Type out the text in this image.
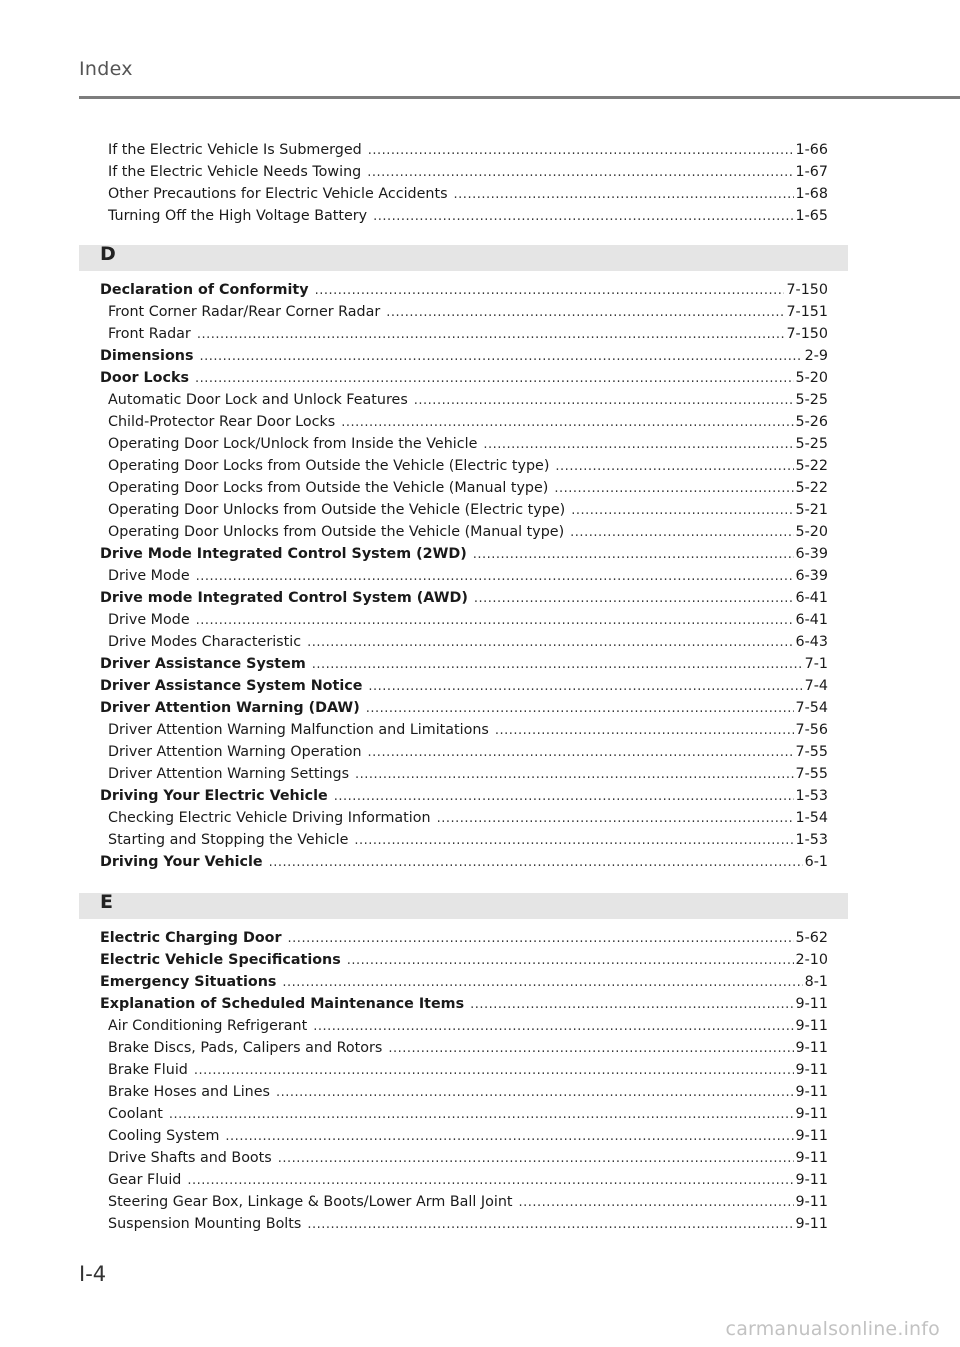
Index
If the Electric Vehicle Is Submerged .....	1-66
If the Electric Vehicle Needs Towing .....	1-67
Other Precautions for Electric Vehicle Accidents .....	1-68
Turning Off the High Voltage Battery .....	1-65
D
Declaration of Conformity .....	7-150
Front Corner Radar/Rear Corner Radar .....	7-151
Front Radar .....	7-150
Dimensions .....	2-9
Door Locks .....	5-20
Automatic Door Lock and Unlock Features .....	5-25
Child-Protector Rear Door Locks .....	5-26
Operating Door Lock/Unlock from Inside the Vehicle .....	5-25
Operating Door Locks from Outside the Vehicle (Electric type) .....	5-22
Operating Door Locks from Outside the Vehicle (Manual type) .....	5-22
Operating Door Unlocks from Outside the Vehicle (Electric type) .....	5-21
Operating Door Unlocks from Outside the Vehicle (Manual type) .....	5-20
Drive Mode Integrated Control System (2WD) .....	6-39
Drive Mode .....	6-39
Drive mode Integrated Control System (AWD) .....	6-41
Drive Mode .....	6-41
Drive Modes Characteristic .....	6-43
Driver Assistance System .....	7-1
Driver Assistance System Notice .....	7-4
Driver Attention Warning (DAW) .....	7-54
Driver Attention Warning Malfunction and Limitations .....	7-56
Driver Attention Warning Operation .....	7-55
Driver Attention Warning Settings .....	7-55
Driving Your Electric Vehicle .....	1-53
Checking Electric Vehicle Driving Information .....	1-54
Starting and Stopping the Vehicle .....	1-53
Driving Your Vehicle .....	6-1
E
Electric Charging Door .....	5-62
Electric Vehicle Specifications .....	2-10
Emergency Situations .....	8-1
Explanation of Scheduled Maintenance Items .....	9-11
Air Conditioning Refrigerant .....	9-11
Brake Discs, Pads, Calipers and Rotors .....	9-11
Brake Fluid .....	9-11
Brake Hoses and Lines .....	9-11
Coolant .....	9-11
Cooling System .....	9-11
Drive Shafts and Boots .....	9-11
Gear Fluid .....	9-11
Steering Gear Box, Linkage & Boots/Lower Arm Ball Joint .....	9-11
Suspension Mounting Bolts .....	9-11
I-4
carmanualsonline.info
